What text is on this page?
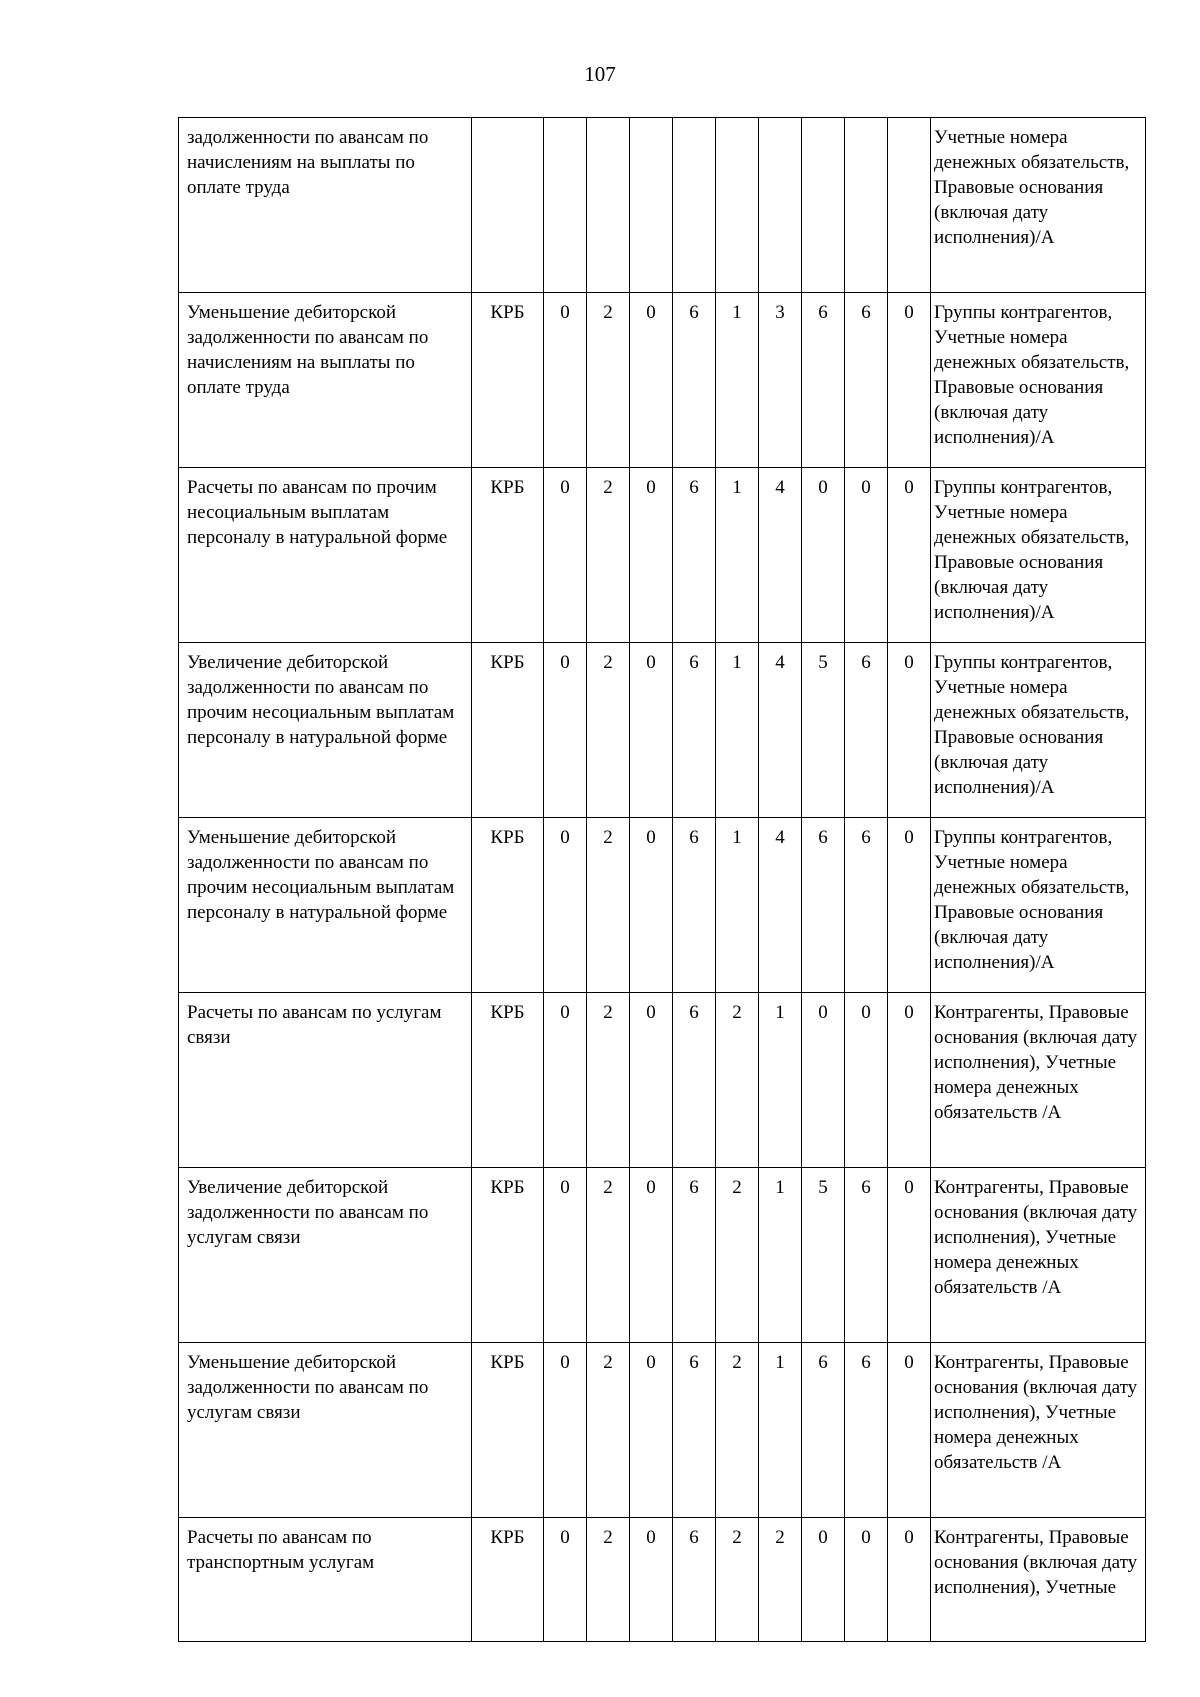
107
задолженности по авансам по начислениям на выплаты по оплате труда											Учетные номера денежных обязательств, Правовые основания (включая дату исполнения)/А
Уменьшение дебиторской задолженности по авансам по начислениям на выплаты по оплате труда	КРБ	0	2	0	6	1	3	6	6	0	Группы контрагентов, Учетные номера денежных обязательств, Правовые основания (включая дату исполнения)/А
Расчеты по авансам по прочим несоциальным выплатам персоналу в натуральной форме	КРБ	0	2	0	6	1	4	0	0	0	Группы контрагентов, Учетные номера денежных обязательств, Правовые основания (включая дату исполнения)/А
Увеличение дебиторской задолженности по авансам по прочим несоциальным выплатам персоналу в натуральной форме	КРБ	0	2	0	6	1	4	5	6	0	Группы контрагентов, Учетные номера денежных обязательств, Правовые основания (включая дату исполнения)/А
Уменьшение дебиторской задолженности по авансам по прочим несоциальным выплатам персоналу в натуральной форме	КРБ	0	2	0	6	1	4	6	6	0	Группы контрагентов, Учетные номера денежных обязательств, Правовые основания (включая дату исполнения)/А
Расчеты по авансам по услугам связи	КРБ	0	2	0	6	2	1	0	0	0	Контрагенты, Правовые основания (включая дату исполнения), Учетные номера денежных обязательств /А
Увеличение дебиторской задолженности по авансам по услугам связи	КРБ	0	2	0	6	2	1	5	6	0	Контрагенты, Правовые основания (включая дату исполнения), Учетные номера денежных обязательств /А
Уменьшение дебиторской задолженности по авансам по услугам связи	КРБ	0	2	0	6	2	1	6	6	0	Контрагенты, Правовые основания (включая дату исполнения), Учетные номера денежных обязательств /А
Расчеты по авансам по транспортным услугам	КРБ	0	2	0	6	2	2	0	0	0	Контрагенты, Правовые основания (включая дату исполнения), Учетные
